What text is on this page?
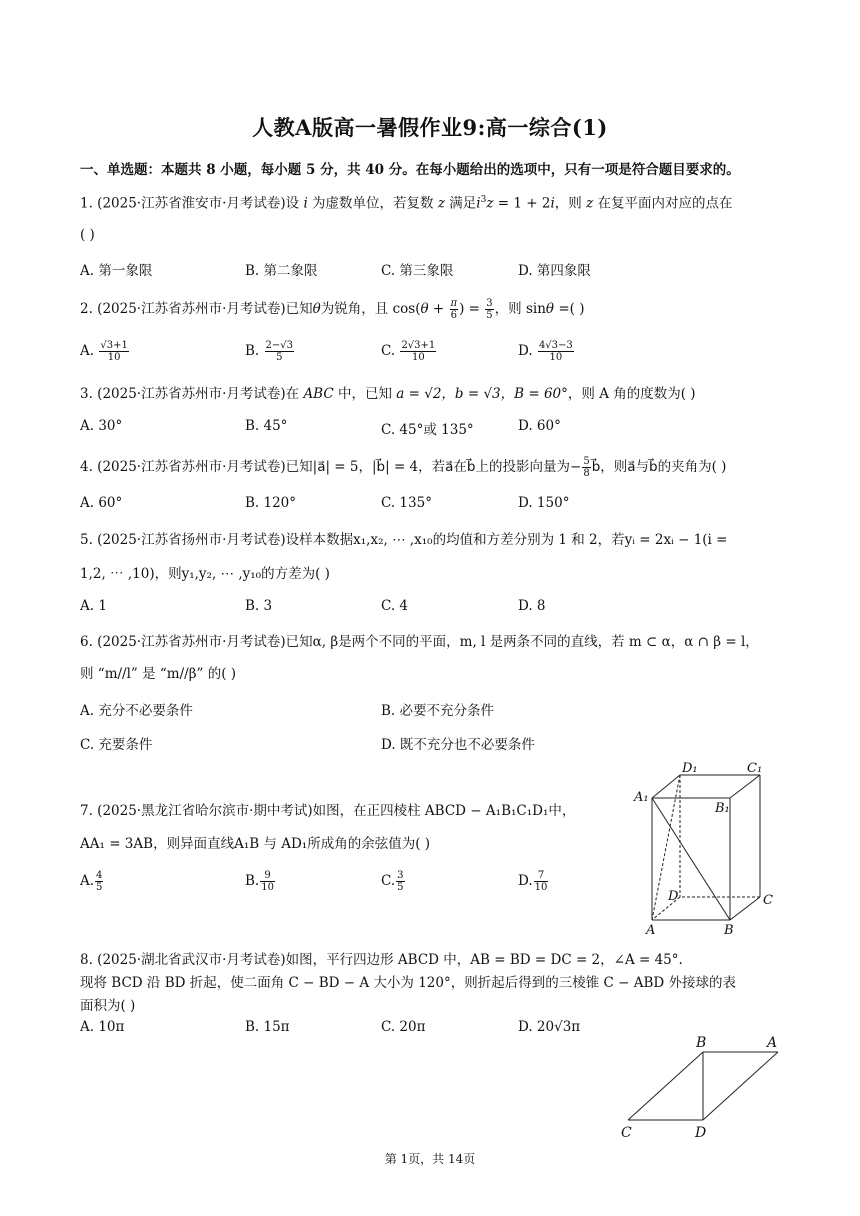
人教A版高一暑假作业9:高一综合(1)
一、单选题：本题共 8 小题，每小题 5 分，共 40 分。在每小题给出的选项中，只有一项是符合题目要求的。
1. (2025·江苏省淮安市·月考试卷)设 i 为虚数单位，若复数 z 满足$i^3z = 1 + 2i$，则 z 在复平面内对应的点在
( )
A. 第一象限	B. 第二象限	C. 第三象限	D. 第四象限
2. (2025·江苏省苏州市·月考试卷)已知θ为锐角，且 $\cos(\theta + \frac{\pi}{6}$ ) = $\frac{3}{5}$ ，则 sinθ =( )
A. $\frac{√3+1}{10}$	B. $\frac{2-√3}{5}$	C. $\frac{2√3+1}{10}$	D. $\frac{4√3-3}{10}$
3. (2025·江苏省苏州市·月考试卷)在 ABC 中，已知 a = √2，b = √3，B = 60°，则 A 角的度数为( )
A. 30°	B. 45°	C. 45°或 135°	D. 60°
4. (2025·江苏省苏州市·月考试卷)已知|a⃗| = 5，|b⃗| = 4，若a⃗在b⃗上的投影向量为− $\frac{5}{8}$ b⃗，则a⃗与b⃗的夹角为( )
A. 60°	B. 120°	C. 135°	D. 150°
5. (2025·江苏省扬州市·月考试卷)设样本数据x₁,x₂, ⋯ ,x₁₀的均值和方差分别为 1 和 2，若yᵢ = 2xᵢ − 1(i =
1,2, ⋯ ,10)，则y₁,y₂, ⋯ ,y₁₀的方差为( )
A. 1	B. 3	C. 4	D. 8
6. (2025·江苏省苏州市·月考试卷)已知α, β是两个不同的平面，m, l 是两条不同的直线，若 m ⊂ α，α ∩ β = l，
则 “m//l” 是 “m//β” 的( )
A. 充分不必要条件	B. 必要不充分条件
C. 充要条件	D. 既不充分也不必要条件
7. (2025·黑龙江省哈尔滨市·期中考试)如图，在正四棱柱 ABCD − A₁B₁C₁D₁中，
AA₁ = 3AB，则异面直线A₁B 与 AD₁所成角的余弦值为( )
A. $\frac{4}{5}$	B. $\frac{9}{10}$	C. $\frac{3}{5}$	D. $\frac{7}{10}$
D₁	C₁
A₁
B₁
D	C
A	B
8. (2025·湖北省武汉市·月考试卷)如图，平行四边形 ABCD 中，AB = BD = DC = 2，∠A = 45°.
现将 BCD 沿 BD 折起，使二面角 C − BD − A 大小为 120°，则折起后得到的三棱锥 C − ABD 外接球的表
面积为( )
A. 10π	B. 15π	C. 20π	D. 20√3π
B	A
C	D
第 1页，共 14页
